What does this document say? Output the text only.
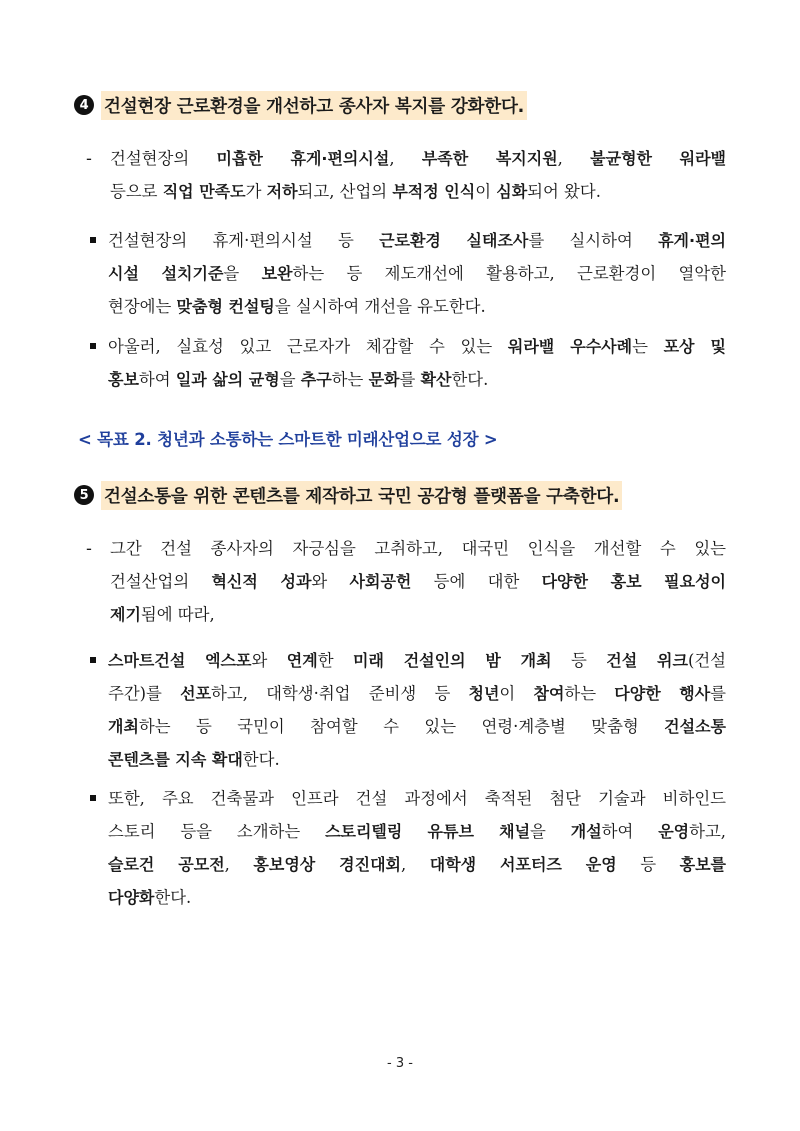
4 건설현장 근로환경을 개선하고 종사자 복지를 강화한다.
- 건설현장의 미흡한 휴게·편의시설, 부족한 복지지원, 불균형한 워라밸
등으로 직업 만족도가 저하되고, 산업의 부적정 인식이 심화되어 왔다.
건설현장의 휴게·편의시설 등 근로환경 실태조사를 실시하여 휴게·편의
시설 설치기준을 보완하는 등 제도개선에 활용하고, 근로환경이 열악한
현장에는 맞춤형 컨설팅을 실시하여 개선을 유도한다.
아울러, 실효성 있고 근로자가 체감할 수 있는 워라밸 우수사례는 포상 및
홍보하여 일과 삶의 균형을 추구하는 문화를 확산한다.
< 목표 2. 청년과 소통하는 스마트한 미래산업으로 성장 >
5 건설소통을 위한 콘텐츠를 제작하고 국민 공감형 플랫폼을 구축한다.
- 그간 건설 종사자의 자긍심을 고취하고, 대국민 인식을 개선할 수 있는
건설산업의 혁신적 성과와 사회공헌 등에 대한 다양한 홍보 필요성이
제기됨에 따라,
스마트건설 엑스포와 연계한 미래 건설인의 밤 개최 등 건설 위크(건설
주간)를 선포하고, 대학생·취업 준비생 등 청년이 참여하는 다양한 행사를
개최하는 등 국민이 참여할 수 있는 연령·계층별 맞춤형 건설소통
콘텐츠를 지속 확대한다.
또한, 주요 건축물과 인프라 건설 과정에서 축적된 첨단 기술과 비하인드
스토리 등을 소개하는 스토리텔링 유튜브 채널을 개설하여 운영하고,
슬로건 공모전, 홍보영상 경진대회, 대학생 서포터즈 운영 등 홍보를
다양화한다.
- 3 -
